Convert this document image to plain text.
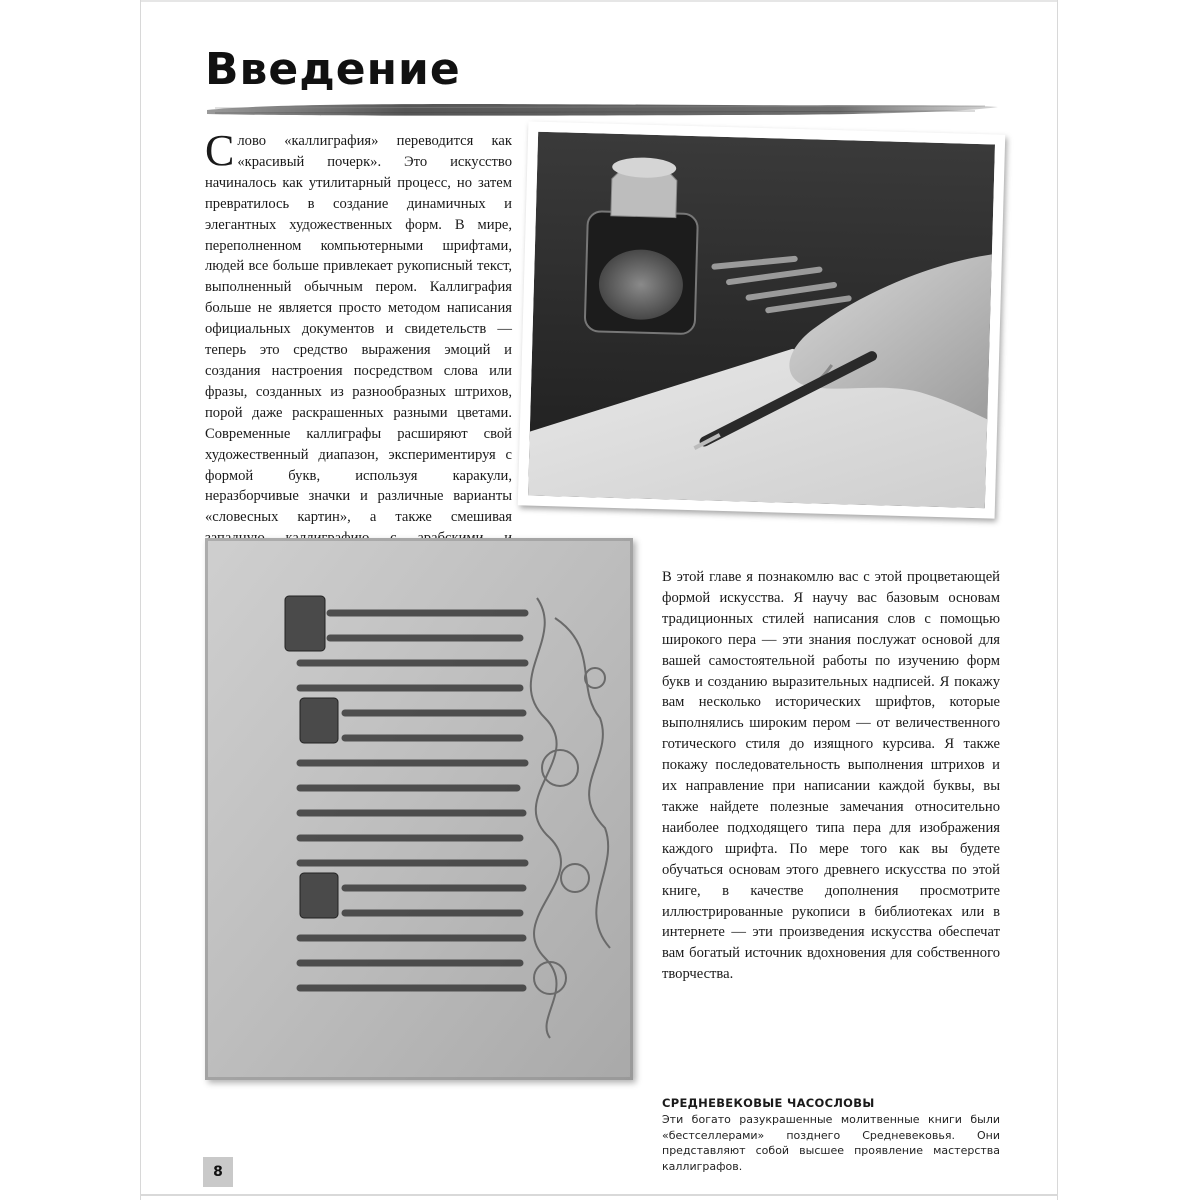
Введение

Слово «каллиграфия» переводится как «красивый почерк». Это искусство начиналось как утилитарный процесс, но затем превратилось в создание динамичных и элегантных художественных форм. В мире, переполненном компьютерными шрифтами, людей все больше привлекает рукописный текст, выполненный обычным пером. Каллиграфия больше не является просто методом написания официальных документов и свидетельств — теперь это средство выражения эмоций и создания настроения посредством слова или фразы, созданных из разнообразных штрихов, порой даже раскрашенных разными цветами. Современные каллиграфы расширяют свой художественный диапазон, экспериментируя с формой букв, используя каракули, неразборчивые значки и различные варианты «словесных картин», а также смешивая

В этой главе я познакомлю вас с этой процветающей формой искусства. Я научу вас базовым основам традиционных стилей написания слов с помощью широкого пера — эти знания послужат основой для вашей самостоятельной работы по изучению форм букв и созданию выразительных надписей. Я покажу вам несколько исторических шрифтов, которые выполнялись широким пером — от величественного готического стиля до изящного курсива. Я также покажу последовательность выполнения штрихов и их направление при написании каждой буквы, вы также найдете полезные замечания относительно наиболее подходящего типа пера для изображения каждого шрифта. По мере того как вы будете обучаться основам этого древнего искусства по этой книге, в качестве дополнения просмотрите иллюстрированные рукописи в библиотеках или в интернете — эти произведения искусства обеспечат вам богатый источник вдохновения для собственного творчества.

СРЕДНЕВЕКОВЫЕ ЧАСОСЛОВЫ

Эти богато разукрашенные молитвенные книги были «бестселлерами» позднего Средневековья. Они представляют собой высшее проявление мастерства каллиграфов.

8
